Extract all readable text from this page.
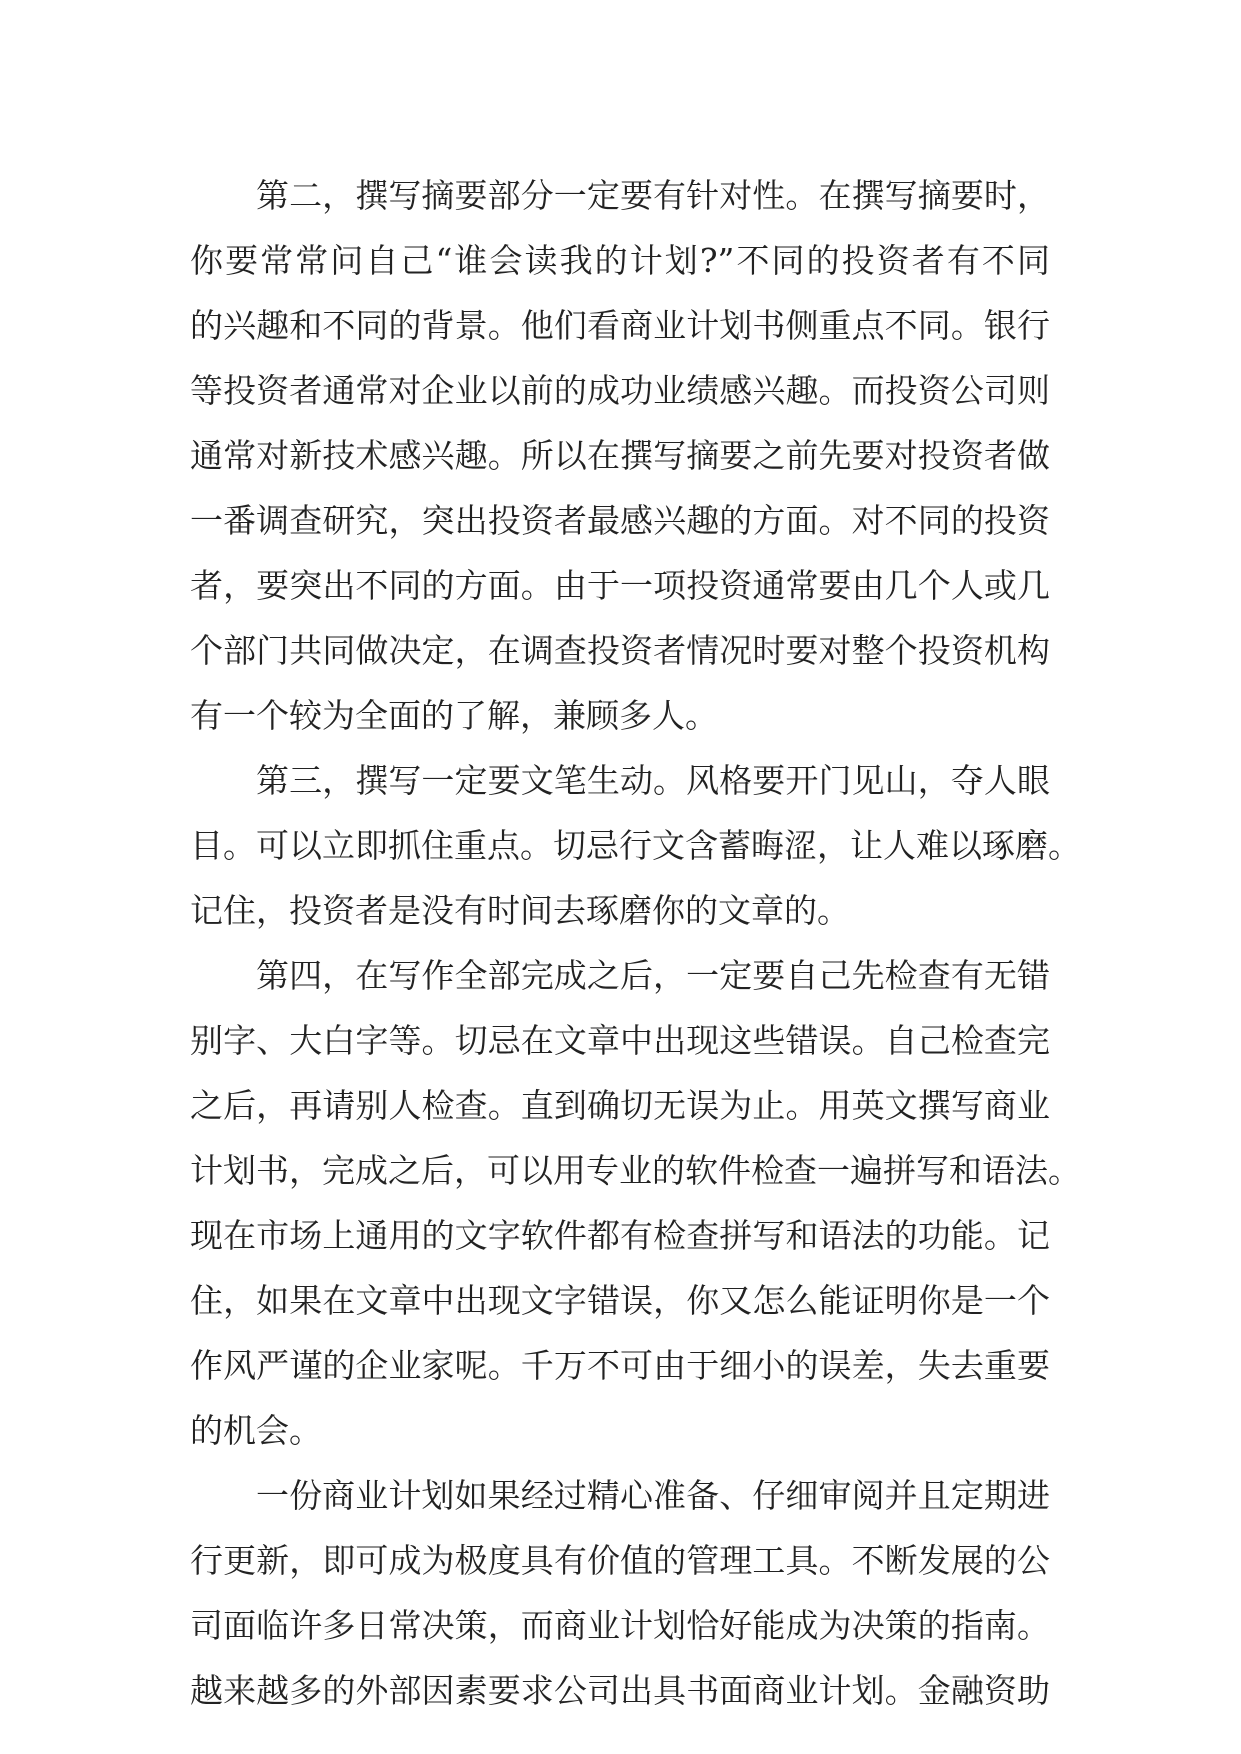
第二，撰写摘要部分一定要有针对性。在撰写摘要时，
你要常常问自己“谁会读我的计划?”不同的投资者有不同
的兴趣和不同的背景。他们看商业计划书侧重点不同。银行
等投资者通常对企业以前的成功业绩感兴趣。而投资公司则
通常对新技术感兴趣。所以在撰写摘要之前先要对投资者做
一番调查研究，突出投资者最感兴趣的方面。对不同的投资
者，要突出不同的方面。由于一项投资通常要由几个人或几
个部门共同做决定，在调查投资者情况时要对整个投资机构
有一个较为全面的了解，兼顾多人。
第三，撰写一定要文笔生动。风格要开门见山，夺人眼
目。可以立即抓住重点。切忌行文含蓄晦涩，让人难以琢磨。
记住，投资者是没有时间去琢磨你的文章的。
第四，在写作全部完成之后，一定要自己先检查有无错
别字、大白字等。切忌在文章中出现这些错误。自己检查完
之后，再请别人检查。直到确切无误为止。用英文撰写商业
计划书，完成之后，可以用专业的软件检查一遍拼写和语法。
现在市场上通用的文字软件都有检查拼写和语法的功能。记
住，如果在文章中出现文字错误，你又怎么能证明你是一个
作风严谨的企业家呢。千万不可由于细小的误差，失去重要
的机会。
一份商业计划如果经过精心准备、仔细审阅并且定期进
行更新，即可成为极度具有价值的管理工具。不断发展的公
司面临许多日常决策，而商业计划恰好能成为决策的指南。
越来越多的外部因素要求公司出具书面商业计划。金融资助
